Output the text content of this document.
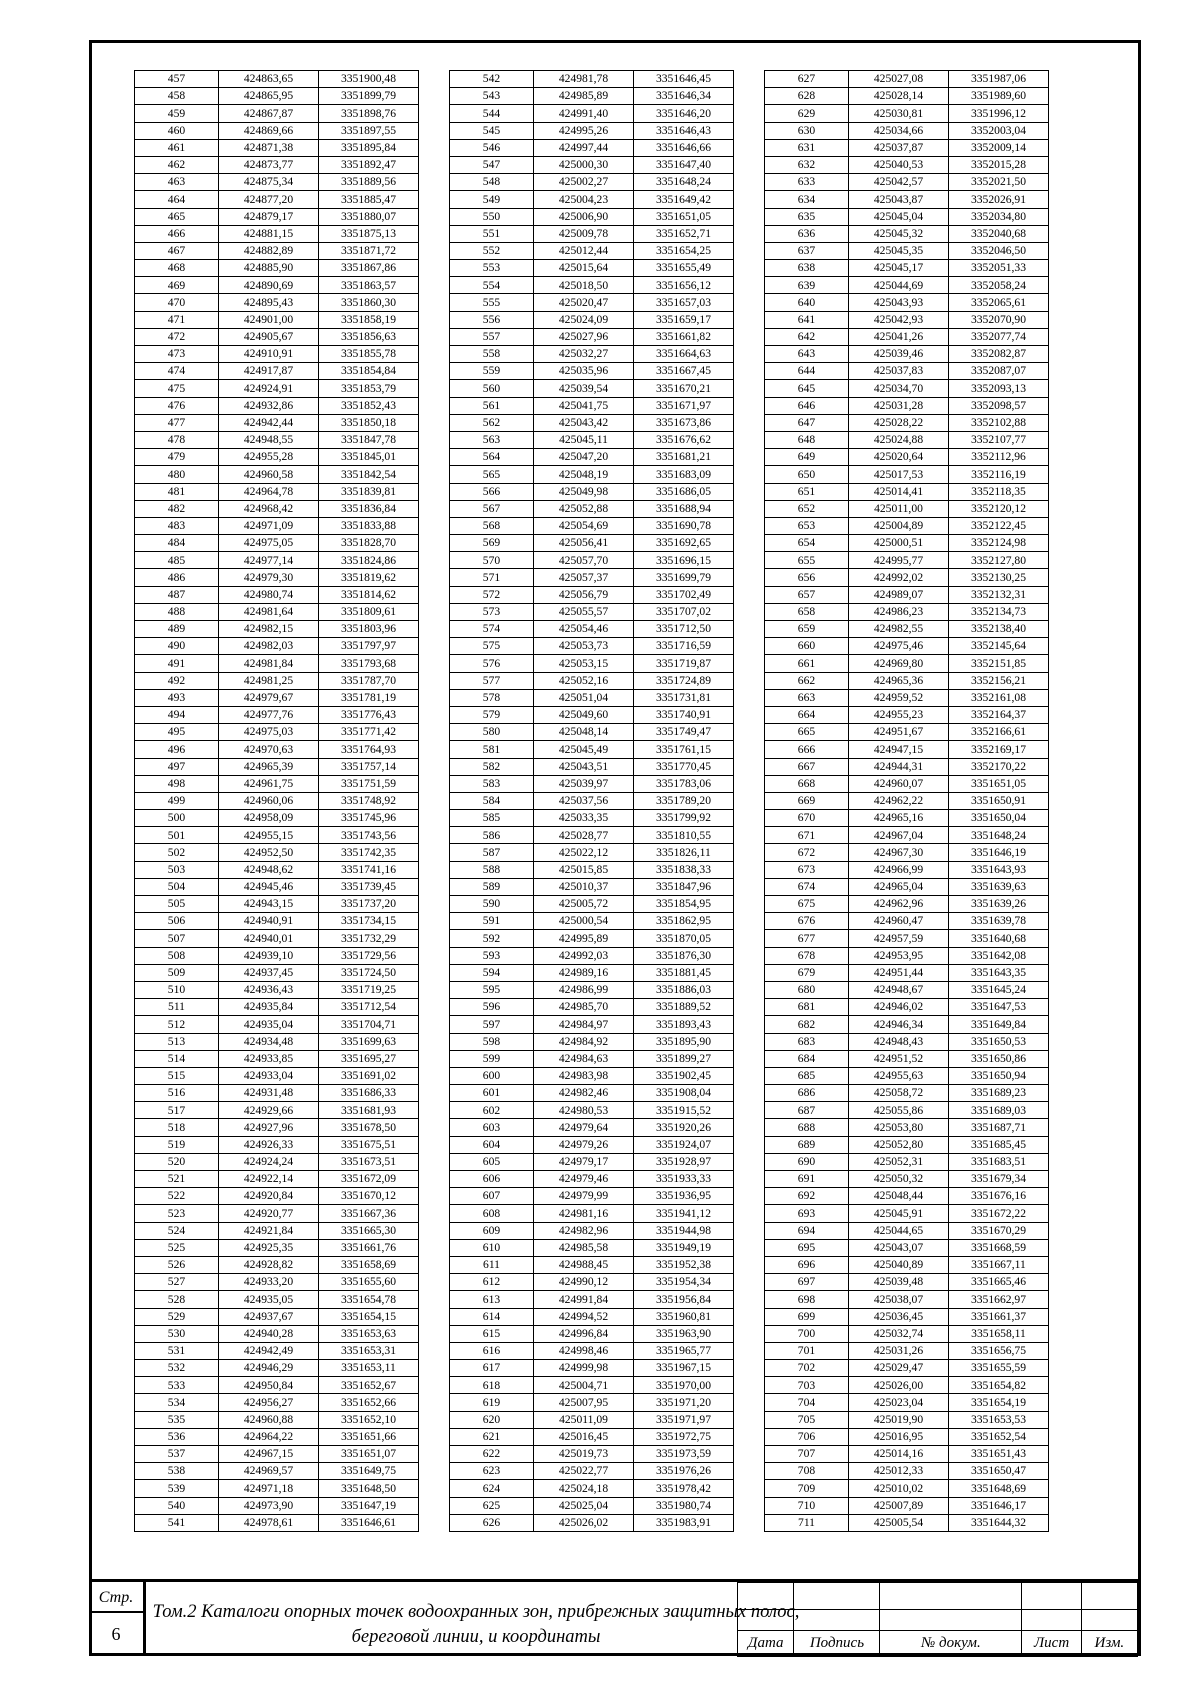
457	424863,65	3351900,48
458	424865,95	3351899,79
459	424867,87	3351898,76
460	424869,66	3351897,55
461	424871,38	3351895,84
462	424873,77	3351892,47
463	424875,34	3351889,56
464	424877,20	3351885,47
465	424879,17	3351880,07
466	424881,15	3351875,13
467	424882,89	3351871,72
468	424885,90	3351867,86
469	424890,69	3351863,57
470	424895,43	3351860,30
471	424901,00	3351858,19
472	424905,67	3351856,63
473	424910,91	3351855,78
474	424917,87	3351854,84
475	424924,91	3351853,79
476	424932,86	3351852,43
477	424942,44	3351850,18
478	424948,55	3351847,78
479	424955,28	3351845,01
480	424960,58	3351842,54
481	424964,78	3351839,81
482	424968,42	3351836,84
483	424971,09	3351833,88
484	424975,05	3351828,70
485	424977,14	3351824,86
486	424979,30	3351819,62
487	424980,74	3351814,62
488	424981,64	3351809,61
489	424982,15	3351803,96
490	424982,03	3351797,97
491	424981,84	3351793,68
492	424981,25	3351787,70
493	424979,67	3351781,19
494	424977,76	3351776,43
495	424975,03	3351771,42
496	424970,63	3351764,93
497	424965,39	3351757,14
498	424961,75	3351751,59
499	424960,06	3351748,92
500	424958,09	3351745,96
501	424955,15	3351743,56
502	424952,50	3351742,35
503	424948,62	3351741,16
504	424945,46	3351739,45
505	424943,15	3351737,20
506	424940,91	3351734,15
507	424940,01	3351732,29
508	424939,10	3351729,56
509	424937,45	3351724,50
510	424936,43	3351719,25
511	424935,84	3351712,54
512	424935,04	3351704,71
513	424934,48	3351699,63
514	424933,85	3351695,27
515	424933,04	3351691,02
516	424931,48	3351686,33
517	424929,66	3351681,93
518	424927,96	3351678,50
519	424926,33	3351675,51
520	424924,24	3351673,51
521	424922,14	3351672,09
522	424920,84	3351670,12
523	424920,77	3351667,36
524	424921,84	3351665,30
525	424925,35	3351661,76
526	424928,82	3351658,69
527	424933,20	3351655,60
528	424935,05	3351654,78
529	424937,67	3351654,15
530	424940,28	3351653,63
531	424942,49	3351653,31
532	424946,29	3351653,11
533	424950,84	3351652,67
534	424956,27	3351652,66
535	424960,88	3351652,10
536	424964,22	3351651,66
537	424967,15	3351651,07
538	424969,57	3351649,75
539	424971,18	3351648,50
540	424973,90	3351647,19
541	424978,61	3351646,61
542	424981,78	3351646,45
543	424985,89	3351646,34
544	424991,40	3351646,20
545	424995,26	3351646,43
546	424997,44	3351646,66
547	425000,30	3351647,40
548	425002,27	3351648,24
549	425004,23	3351649,42
550	425006,90	3351651,05
551	425009,78	3351652,71
552	425012,44	3351654,25
553	425015,64	3351655,49
554	425018,50	3351656,12
555	425020,47	3351657,03
556	425024,09	3351659,17
557	425027,96	3351661,82
558	425032,27	3351664,63
559	425035,96	3351667,45
560	425039,54	3351670,21
561	425041,75	3351671,97
562	425043,42	3351673,86
563	425045,11	3351676,62
564	425047,20	3351681,21
565	425048,19	3351683,09
566	425049,98	3351686,05
567	425052,88	3351688,94
568	425054,69	3351690,78
569	425056,41	3351692,65
570	425057,70	3351696,15
571	425057,37	3351699,79
572	425056,79	3351702,49
573	425055,57	3351707,02
574	425054,46	3351712,50
575	425053,73	3351716,59
576	425053,15	3351719,87
577	425052,16	3351724,89
578	425051,04	3351731,81
579	425049,60	3351740,91
580	425048,14	3351749,47
581	425045,49	3351761,15
582	425043,51	3351770,45
583	425039,97	3351783,06
584	425037,56	3351789,20
585	425033,35	3351799,92
586	425028,77	3351810,55
587	425022,12	3351826,11
588	425015,85	3351838,33
589	425010,37	3351847,96
590	425005,72	3351854,95
591	425000,54	3351862,95
592	424995,89	3351870,05
593	424992,03	3351876,30
594	424989,16	3351881,45
595	424986,99	3351886,03
596	424985,70	3351889,52
597	424984,97	3351893,43
598	424984,92	3351895,90
599	424984,63	3351899,27
600	424983,98	3351902,45
601	424982,46	3351908,04
602	424980,53	3351915,52
603	424979,64	3351920,26
604	424979,26	3351924,07
605	424979,17	3351928,97
606	424979,46	3351933,33
607	424979,99	3351936,95
608	424981,16	3351941,12
609	424982,96	3351944,98
610	424985,58	3351949,19
611	424988,45	3351952,38
612	424990,12	3351954,34
613	424991,84	3351956,84
614	424994,52	3351960,81
615	424996,84	3351963,90
616	424998,46	3351965,77
617	424999,98	3351967,15
618	425004,71	3351970,00
619	425007,95	3351971,20
620	425011,09	3351971,97
621	425016,45	3351972,75
622	425019,73	3351973,59
623	425022,77	3351976,26
624	425024,18	3351978,42
625	425025,04	3351980,74
626	425026,02	3351983,91
627	425027,08	3351987,06
628	425028,14	3351989,60
629	425030,81	3351996,12
630	425034,66	3352003,04
631	425037,87	3352009,14
632	425040,53	3352015,28
633	425042,57	3352021,50
634	425043,87	3352026,91
635	425045,04	3352034,80
636	425045,32	3352040,68
637	425045,35	3352046,50
638	425045,17	3352051,33
639	425044,69	3352058,24
640	425043,93	3352065,61
641	425042,93	3352070,90
642	425041,26	3352077,74
643	425039,46	3352082,87
644	425037,83	3352087,07
645	425034,70	3352093,13
646	425031,28	3352098,57
647	425028,22	3352102,88
648	425024,88	3352107,77
649	425020,64	3352112,96
650	425017,53	3352116,19
651	425014,41	3352118,35
652	425011,00	3352120,12
653	425004,89	3352122,45
654	425000,51	3352124,98
655	424995,77	3352127,80
656	424992,02	3352130,25
657	424989,07	3352132,31
658	424986,23	3352134,73
659	424982,55	3352138,40
660	424975,46	3352145,64
661	424969,80	3352151,85
662	424965,36	3352156,21
663	424959,52	3352161,08
664	424955,23	3352164,37
665	424951,67	3352166,61
666	424947,15	3352169,17
667	424944,31	3352170,22
668	424960,07	3351651,05
669	424962,22	3351650,91
670	424965,16	3351650,04
671	424967,04	3351648,24
672	424967,30	3351646,19
673	424966,99	3351643,93
674	424965,04	3351639,63
675	424962,96	3351639,26
676	424960,47	3351639,78
677	424957,59	3351640,68
678	424953,95	3351642,08
679	424951,44	3351643,35
680	424948,67	3351645,24
681	424946,02	3351647,53
682	424946,34	3351649,84
683	424948,43	3351650,53
684	424951,52	3351650,86
685	424955,63	3351650,94
686	425058,72	3351689,23
687	425055,86	3351689,03
688	425053,80	3351687,71
689	425052,80	3351685,45
690	425052,31	3351683,51
691	425050,32	3351679,34
692	425048,44	3351676,16
693	425045,91	3351672,22
694	425044,65	3351670,29
695	425043,07	3351668,59
696	425040,89	3351667,11
697	425039,48	3351665,46
698	425038,07	3351662,97
699	425036,45	3351661,37
700	425032,74	3351658,11
701	425031,26	3351656,75
702	425029,47	3351655,59
703	425026,00	3351654,82
704	425023,04	3351654,19
705	425019,90	3351653,53
706	425016,95	3351652,54
707	425014,16	3351651,43
708	425012,33	3351650,47
709	425010,02	3351648,69
710	425007,89	3351646,17
711	425005,54	3351644,32
Стр.
6
Том.2 Каталоги опорных точек водоохранных зон, прибрежных защитных полос, береговой линии, и координаты

					Дата	Подпись	№ докум.	Лист	Изм.
